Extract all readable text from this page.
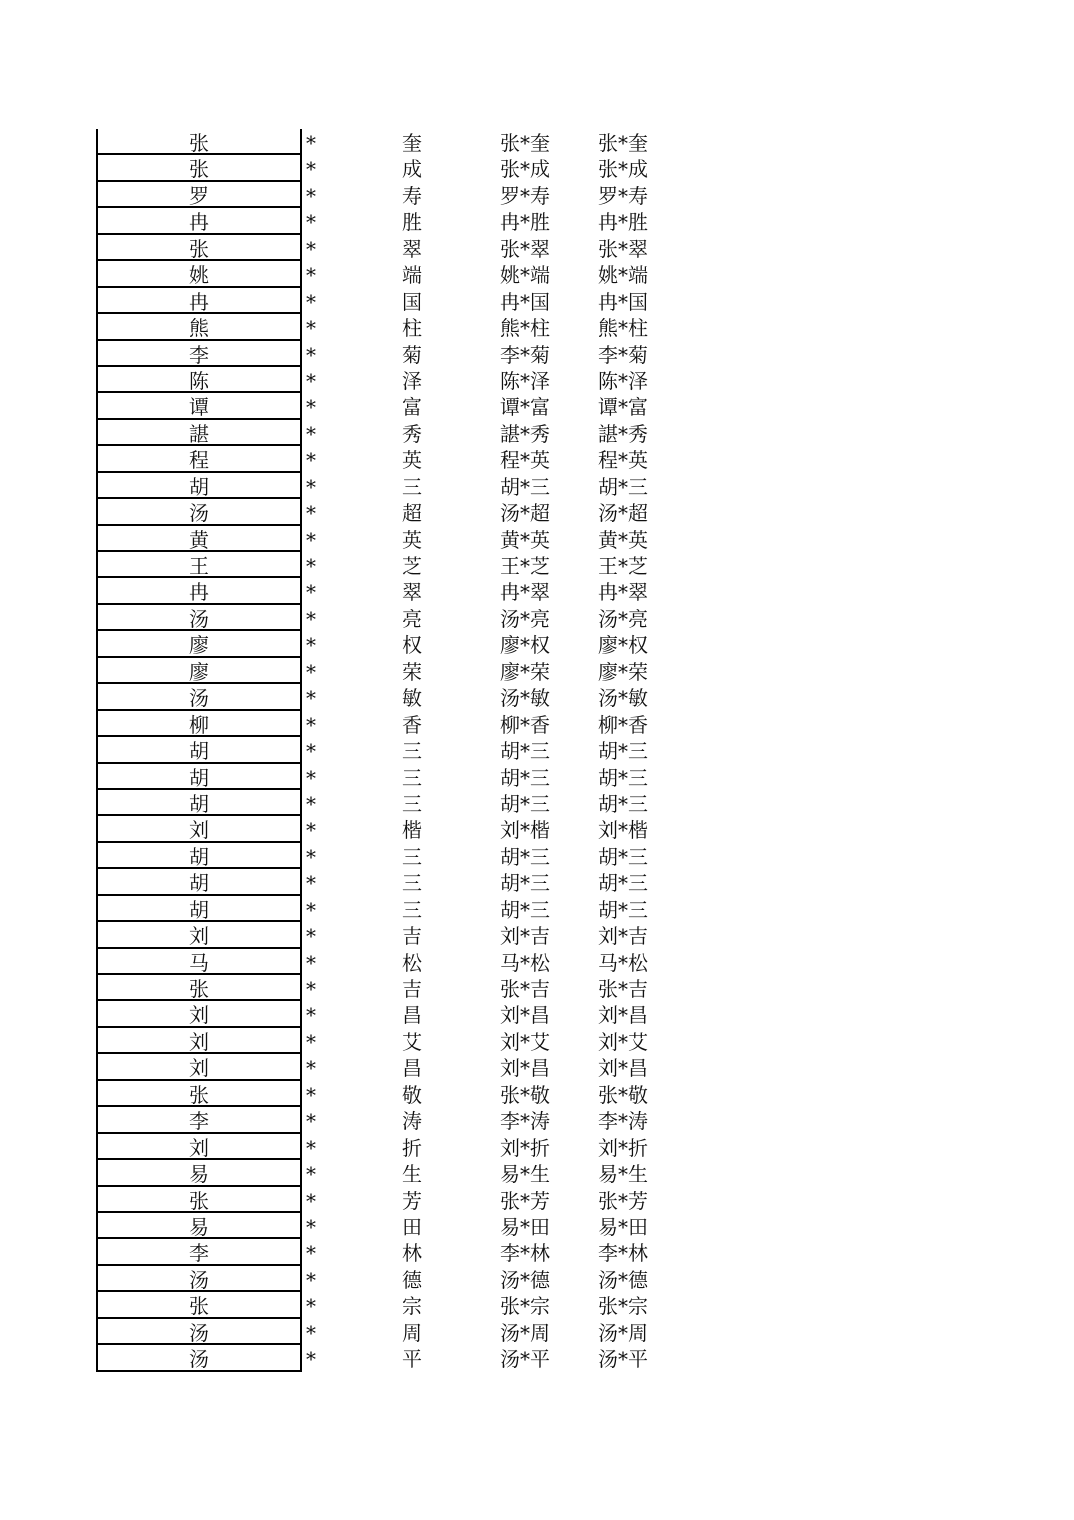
张	*	奎	张*奎	张*奎
张	*	成	张*成	张*成
罗	*	寿	罗*寿	罗*寿
冉	*	胜	冉*胜	冉*胜
张	*	翠	张*翠	张*翠
姚	*	端	姚*端	姚*端
冉	*	国	冉*国	冉*国
熊	*	柱	熊*柱	熊*柱
李	*	菊	李*菊	李*菊
陈	*	泽	陈*泽	陈*泽
谭	*	富	谭*富	谭*富
諶	*	秀	諶*秀	諶*秀
程	*	英	程*英	程*英
胡	*	三	胡*三	胡*三
汤	*	超	汤*超	汤*超
黄	*	英	黄*英	黄*英
王	*	芝	王*芝	王*芝
冉	*	翠	冉*翠	冉*翠
汤	*	亮	汤*亮	汤*亮
廖	*	权	廖*权	廖*权
廖	*	荣	廖*荣	廖*荣
汤	*	敏	汤*敏	汤*敏
柳	*	香	柳*香	柳*香
胡	*	三	胡*三	胡*三
胡	*	三	胡*三	胡*三
胡	*	三	胡*三	胡*三
刘	*	楷	刘*楷	刘*楷
胡	*	三	胡*三	胡*三
胡	*	三	胡*三	胡*三
胡	*	三	胡*三	胡*三
刘	*	吉	刘*吉	刘*吉
马	*	松	马*松	马*松
张	*	吉	张*吉	张*吉
刘	*	昌	刘*昌	刘*昌
刘	*	艾	刘*艾	刘*艾
刘	*	昌	刘*昌	刘*昌
张	*	敬	张*敬	张*敬
李	*	涛	李*涛	李*涛
刘	*	折	刘*折	刘*折
易	*	生	易*生	易*生
张	*	芳	张*芳	张*芳
易	*	田	易*田	易*田
李	*	林	李*林	李*林
汤	*	德	汤*德	汤*德
张	*	宗	张*宗	张*宗
汤	*	周	汤*周	汤*周
汤	*	平	汤*平	汤*平
